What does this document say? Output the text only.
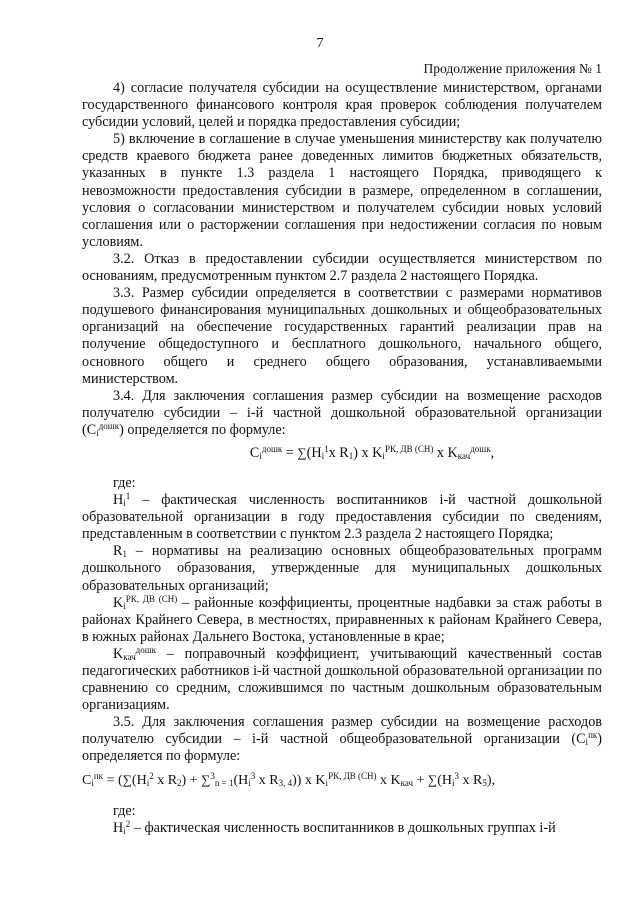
7
Продолжение приложения № 1

4) согласие получателя субсидии на осуществление министерством, органами государственного финансового контроля края проверок соблюдения получателем субсидии условий, целей и порядка предоставления субсидии;

5) включение в соглашение в случае уменьшения министерству как получателю средств краевого бюджета ранее доведенных лимитов бюджетных обязательств, указанных в пункте 1.3 раздела 1 настоящего Порядка, приводящего к невозможности предоставления субсидии в размере, определенном в соглашении, условия о согласовании министерством и получателем субсидии новых условий соглашения или о расторжении соглашения при недостижении согласия по новым условиям.

3.2. Отказ в предоставлении субсидии осуществляется министерством по основаниям, предусмотренным пунктом 2.7 раздела 2 настоящего Порядка.

3.3. Размер субсидии определяется в соответствии с размерами нормативов подушевого финансирования муниципальных дошкольных и общеобразовательных организаций на обеспечение государственных гарантий реализации прав на получение общедоступного и бесплатного дошкольного, начального общего, основного общего и среднего общего образования, устанавливаемыми министерством.

3.4. Для заключения соглашения размер субсидии на возмещение расходов получателю субсидии – i-й частной дошкольной образовательной организации $(C_i^{дошк})$ определяется по формуле:

$C_i^{дошк} = \sum(Н_i^1x$ $R_1$) x $K_i^{РК, ДВ (СН)}$ x $K_{кач}^{дошк}$,

где:

$Н_i^1$ – фактическая численность воспитанников i-й частной дошкольной образовательной организации в году предоставления субсидии по сведениям, представленным в соответствии с пунктом 2.3 раздела 2 настоящего Порядка;

$R_1$ – нормативы на реализацию основных общеобразовательных программ дошкольного образования, утвержденные для муниципальных дошкольных образовательных организаций;

$K_i^{РК, ДВ (СН)}$ – районные коэффициенты, процентные надбавки за стаж работы в районах Крайнего Севера, в местностях, приравненных к районам Крайнего Севера, в южных районах Дальнего Востока, установленные в крае;

$K_{кач}^{дошк}$ – поправочный коэффициент, учитывающий качественный состав педагогических работников i-й частной дошкольной образовательной организации по сравнению со средним, сложившимся по частным дошкольным образовательным организациям.

3.5. Для заключения соглашения размер субсидии на возмещение расходов получателю субсидии – i-й частной общеобразовательной организации $(C_i^{пк})$ определяется по формуле:

$C_i^{пк} = (\sum(Н_i^2$ x $R_2) + \sum^3_{n = 1}(Н_i^3$ x $R_{3, 4}$)) x $K_i^{РК, ДВ (СН)}$ x $K_{кач} + \sum(Н_i^3$ x $R_5$),

где:

$Н_i^2$ – фактическая численность воспитанников в дошкольных группах i-й
